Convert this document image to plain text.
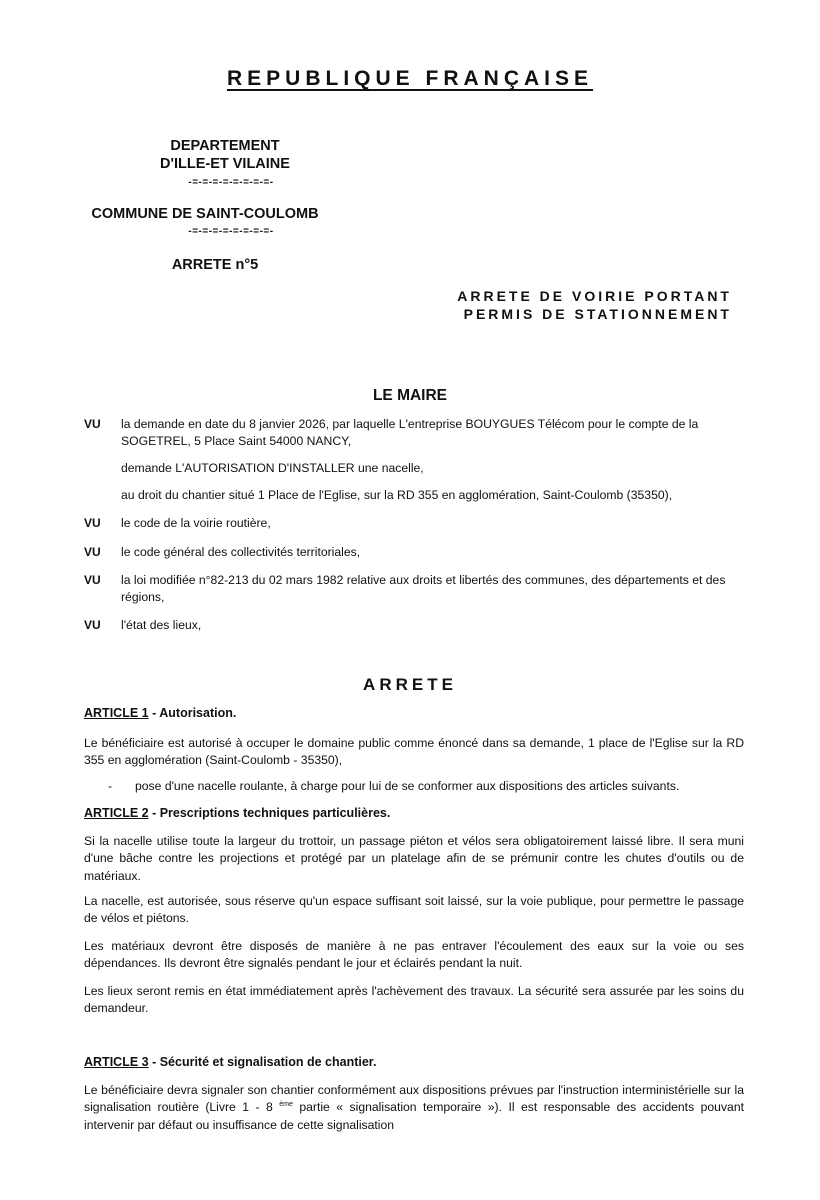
REPUBLIQUE FRANÇAISE
DEPARTEMENT
D'ILLE-ET VILAINE
-=-=-=-=-=-=-=-=-
COMMUNE DE SAINT-COULOMB
-=-=-=-=-=-=-=-=-
ARRETE n°5
ARRETE DE VOIRIE PORTANT
PERMIS DE STATIONNEMENT
LE MAIRE
VU la demande en date du 8 janvier 2026, par laquelle L'entreprise BOUYGUES Télécom pour le compte de la SOGETREL, 5 Place Saint 54000 NANCY,
demande L'AUTORISATION D'INSTALLER une nacelle,
au droit du chantier situé 1 Place de l'Eglise, sur la RD 355 en agglomération, Saint-Coulomb (35350),
VU le code de la voirie routière,
VU le code général des collectivités territoriales,
VU la loi modifiée n°82-213 du 02 mars 1982 relative aux droits et libertés des communes, des départements et des régions,
VU l'état des lieux,
ARRETE
ARTICLE 1 - Autorisation.
Le bénéficiaire est autorisé à occuper le domaine public comme énoncé dans sa demande, 1 place de l'Eglise sur la RD 355 en agglomération (Saint-Coulomb - 35350),
- pose d'une nacelle roulante, à charge pour lui de se conformer aux dispositions des articles suivants.
ARTICLE 2 - Prescriptions techniques particulières.
Si la nacelle utilise toute la largeur du trottoir, un passage piéton et vélos sera obligatoirement laissé libre. Il sera muni d'une bâche contre les projections et protégé par un platelage afin de se prémunir contre les chutes d'outils ou de matériaux.
La nacelle, est autorisée, sous réserve qu'un espace suffisant soit laissé, sur la voie publique, pour permettre le passage de vélos et piétons.
Les matériaux devront être disposés de manière à ne pas entraver l'écoulement des eaux sur la voie ou ses dépendances. Ils devront être signalés pendant le jour et éclairés pendant la nuit.
Les lieux seront remis en état immédiatement après l'achèvement des travaux. La sécurité sera assurée par les soins du demandeur.
ARTICLE 3 - Sécurité et signalisation de chantier.
Le bénéficiaire devra signaler son chantier conformément aux dispositions prévues par l'instruction interministérielle sur la signalisation routière (Livre 1 - 8 $^{ème}$ partie « signalisation temporaire »). Il est responsable des accidents pouvant intervenir par défaut ou insuffisance de cette signalisation
